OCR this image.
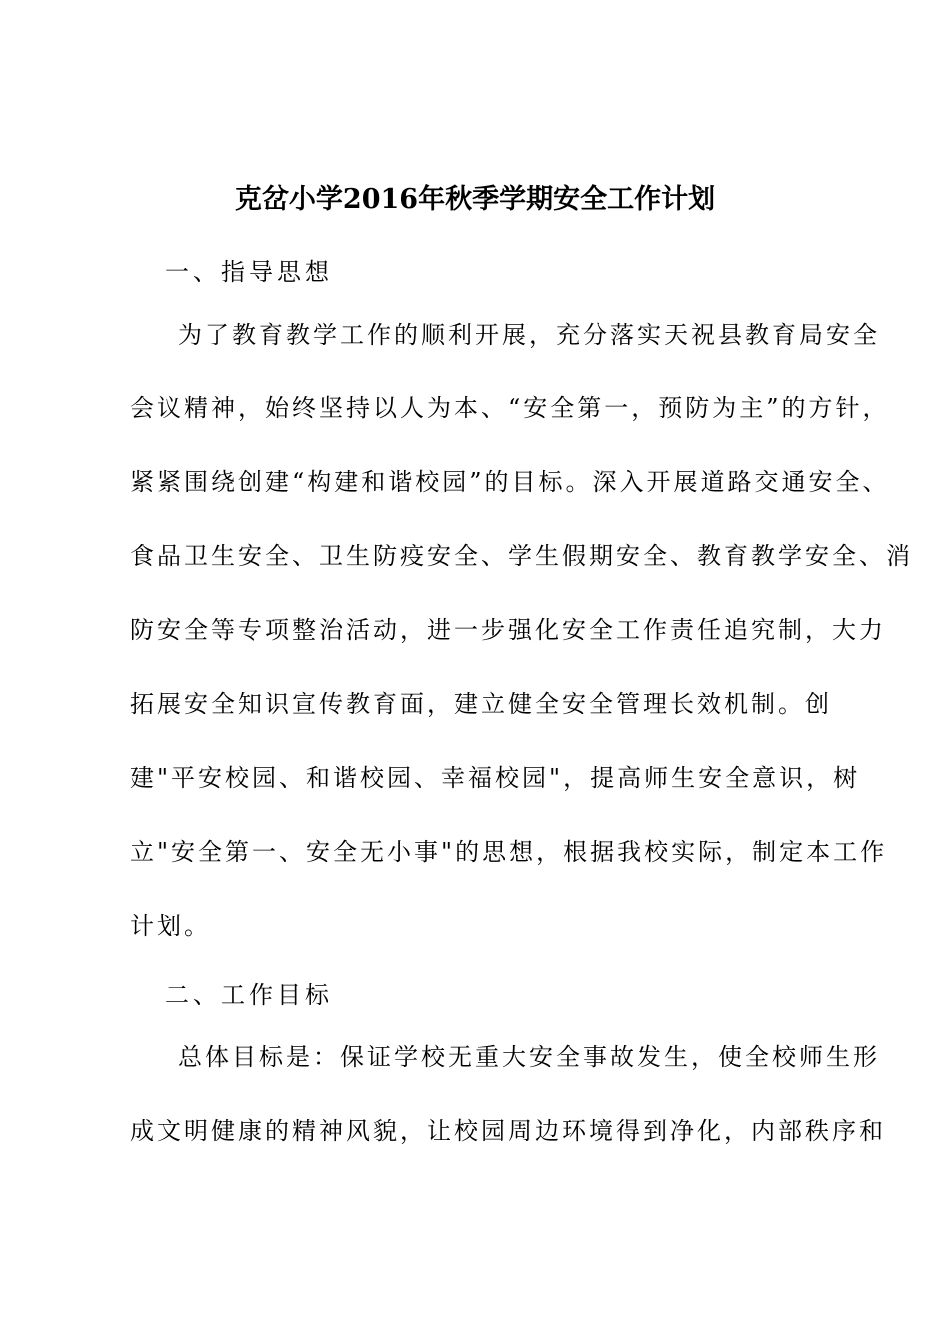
克岔小学2016年秋季学期安全工作计划
一、指导思想
为了教育教学工作的顺利开展，充分落实天祝县教育局安全
会议精神，始终坚持以人为本、“安全第一，预防为主”的方针，
紧紧围绕创建“构建和谐校园”的目标。深入开展道路交通安全、
食品卫生安全、卫生防疫安全、学生假期安全、教育教学安全、消
防安全等专项整治活动，进一步强化安全工作责任追究制，大力
拓展安全知识宣传教育面，建立健全安全管理长效机制。创
建"平安校园、和谐校园、幸福校园"，提高师生安全意识，树
立"安全第一、安全无小事"的思想，根据我校实际，制定本工作
计划。
二、工作目标
总体目标是：保证学校无重大安全事故发生，使全校师生形
成文明健康的精神风貌，让校园周边环境得到净化，内部秩序和
